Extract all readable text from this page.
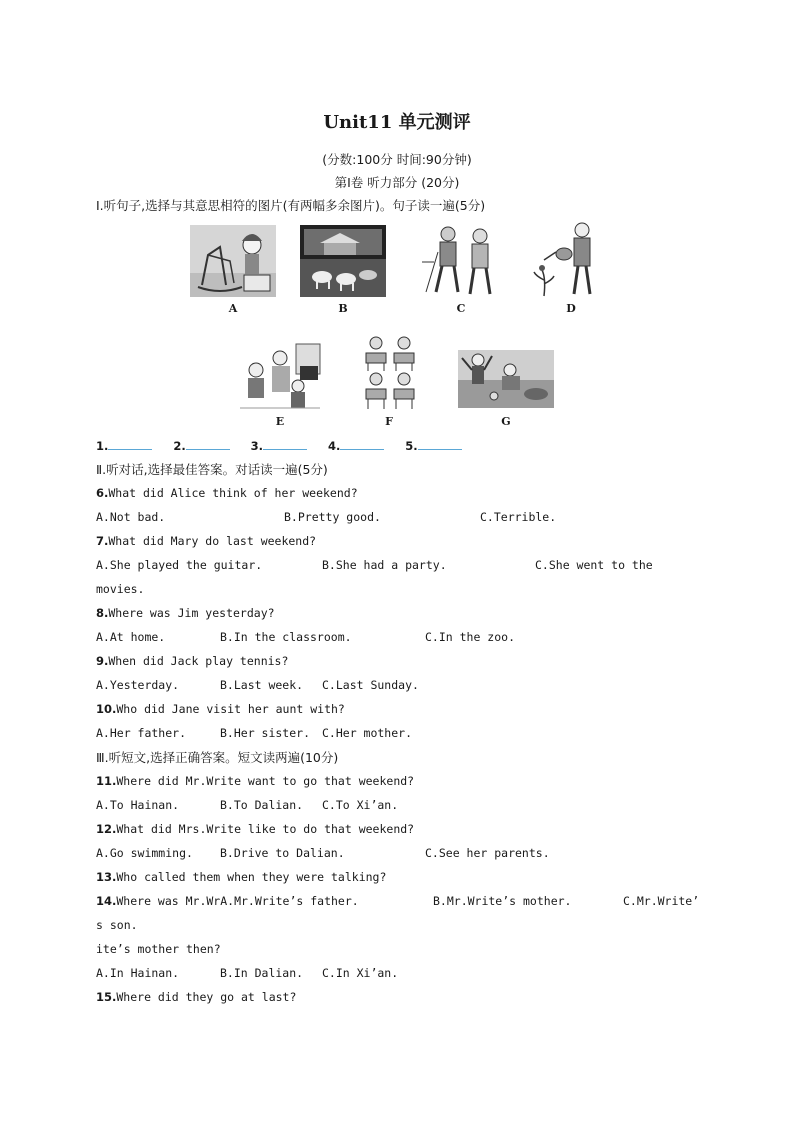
Unit11 单元测评
(分数:100分 时间:90分钟)
第Ⅰ卷 听力部分 (20分)
Ⅰ.听句子,选择与其意思相符的图片(有两幅多余图片)。句子读一遍(5分)
A	B	C	D
E	F	G
1.	2.	3.	4.	5.
Ⅱ.听对话,选择最佳答案。对话读一遍(5分)
6.What did Alice think of her weekend?
A.Not bad.	B.Pretty good.	C.Terrible.
7.What did Mary do last weekend?
A.She played the guitar.	B.She had a party.	C.She went to the
movies.
8.Where was Jim yesterday?
A.At home.	B.In the classroom.	C.In the zoo.
9.When did Jack play tennis?
A.Yesterday.	B.Last week. C.Last Sunday.
10.Who did Jane visit her aunt with?
A.Her father.	B.Her sister. C.Her mother.
Ⅲ.听短文,选择正确答案。短文读两遍(10分)
11.Where did Mr.Write want to go that weekend?
A.To Hainan.	B.To Dalian. C.To Xi’an.
12.What did Mrs.Write like to do that weekend?
A.Go swimming. B.Drive to Dalian.	C.See her parents.
13.Who called them when they were talking?
14.Where was Mr.WrA.Mr.Write’s father.	B.Mr.Write’s mother.	C.Mr.Write’
s son.
ite’s mother then?
A.In Hainan.	B.In Dalian. C.In Xi’an.
15.Where did they go at last?
